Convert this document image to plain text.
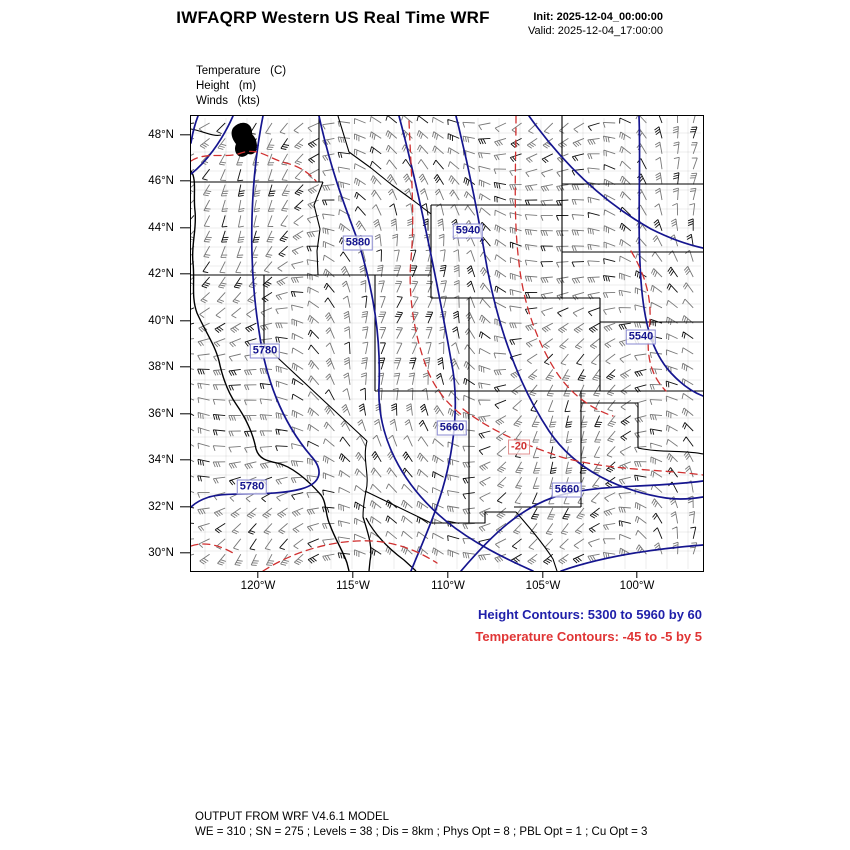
IWFAQRP Western US Real Time WRF	Init: 2025-12-04_00:00:00
Valid: 2025-12-04_17:00:00
Temperature   (C)
Height   (m)
Winds   (kts)
48°N
46°N
44°N
42°N
40°N
38°N
36°N
34°N
32°N
30°N
120°W	115°W	110°W	105°W	100°W
5880
5940
5780
5660
5540
-20
5660
5780
Height Contours: 5300 to 5960 by 60
Temperature Contours: -45 to -5 by 5
OUTPUT FROM WRF V4.6.1 MODEL
WE = 310 ; SN = 275 ; Levels = 38 ; Dis = 8km ; Phys Opt = 8 ; PBL Opt = 1 ; Cu Opt = 3
